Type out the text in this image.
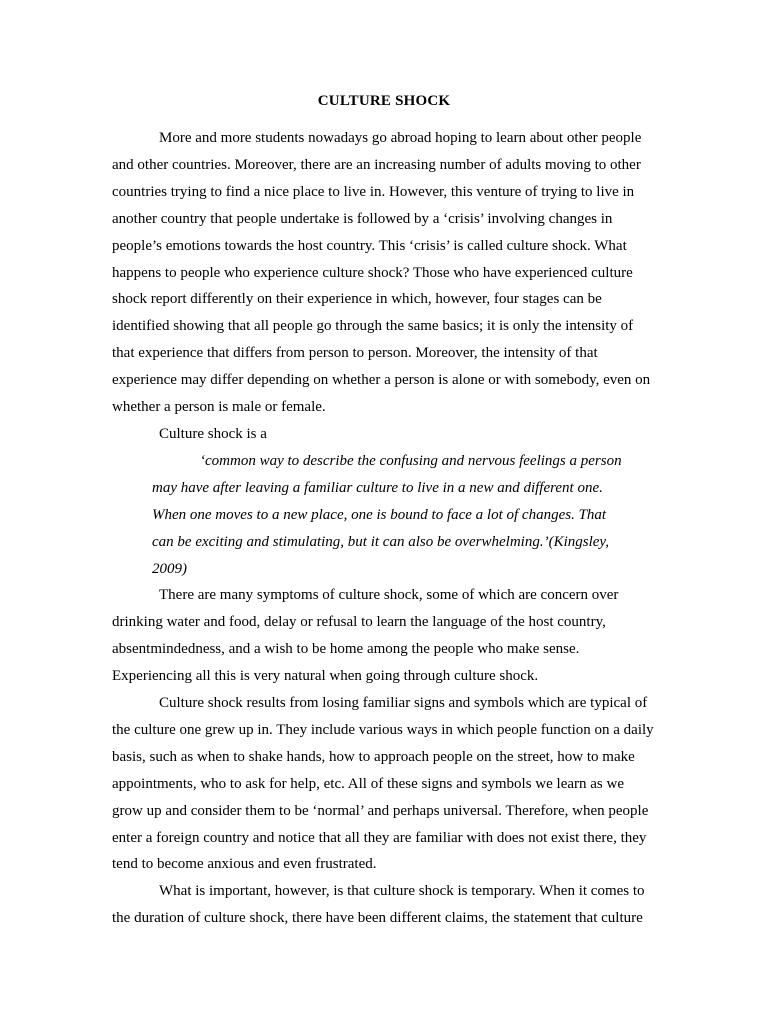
CULTURE SHOCK

More and more students nowadays go abroad hoping to learn about other people and other countries. Moreover, there are an increasing number of adults moving to other countries trying to find a nice place to live in. However, this venture of trying to live in another country that people undertake is followed by a ‘crisis’ involving changes in people’s emotions towards the host country. This ‘crisis’ is called culture shock. What happens to people who experience culture shock? Those who have experienced culture shock report differently on their experience in which, however, four stages can be identified showing that all people go through the same basics; it is only the intensity of that experience that differs from person to person. Moreover, the intensity of that experience may differ depending on whether a person is alone or with somebody, even on whether a person is male or female.

Culture shock is a

‘common way to describe the confusing and nervous feelings a person may have after leaving a familiar culture to live in a new and different one. When one moves to a new place, one is bound to face a lot of changes. That can be exciting and stimulating, but it can also be overwhelming.’(Kingsley, 2009)

There are many symptoms of culture shock, some of which are concern over drinking water and food, delay or refusal to learn the language of the host country, absentmindedness, and a wish to be home among the people who make sense. Experiencing all this is very natural when going through culture shock.

Culture shock results from losing familiar signs and symbols which are typical of the culture one grew up in. They include various ways in which people function on a daily basis, such as when to shake hands, how to approach people on the street, how to make appointments, who to ask for help, etc. All of these signs and symbols we learn as we grow up and consider them to be ‘normal’ and perhaps universal. Therefore, when people enter a foreign country and notice that all they are familiar with does not exist there, they tend to become anxious and even frustrated.

What is important, however, is that culture shock is temporary. When it comes to the duration of culture shock, there have been different claims, the statement that culture
